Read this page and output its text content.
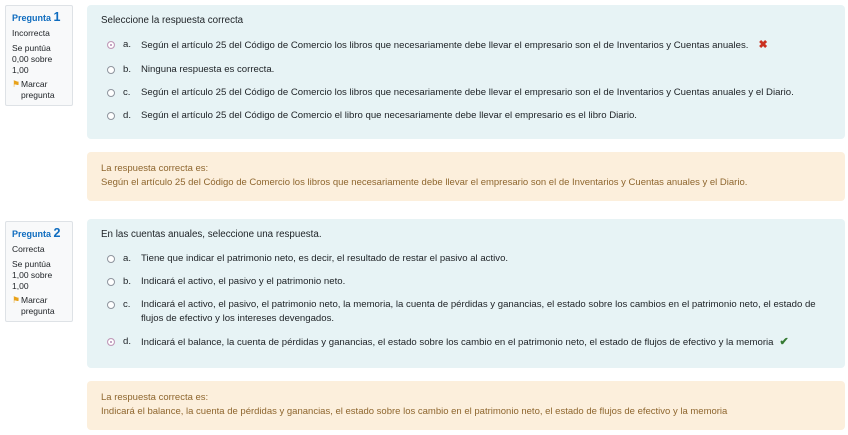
Pregunta 1
Incorrecta
Se puntúa 0,00 sobre 1,00
⚑ Marcar pregunta
Seleccione la respuesta correcta
a.	Según el artículo 25 del Código de Comercio los libros que necesariamente debe llevar el empresario son el de Inventarios y Cuentas anuales. ✖
b.	Ninguna respuesta es correcta.
c.	Según el artículo 25 del Código de Comercio los libros que necesariamente debe llevar el empresario son el de Inventarios y Cuentas anuales y el Diario.
d.	Según el artículo 25 del Código de Comercio el libro que necesariamente debe llevar el empresario es el libro Diario.
La respuesta correcta es:
Según el artículo 25 del Código de Comercio los libros que necesariamente debe llevar el empresario son el de Inventarios y Cuentas anuales y el Diario.
Pregunta 2
Correcta
Se puntúa 1,00 sobre 1,00
⚑ Marcar pregunta
En las cuentas anuales, seleccione una respuesta.
a.	Tiene que indicar el patrimonio neto, es decir, el resultado de restar el pasivo al activo.
b.	Indicará el activo, el pasivo y el patrimonio neto.
c.	Indicará el activo, el pasivo, el patrimonio neto, la memoria, la cuenta de pérdidas y ganancias, el estado sobre los cambios en el patrimonio neto, el estado de flujos de efectivo y los intereses devengados.
d.	Indicará el balance, la cuenta de pérdidas y ganancias, el estado sobre los cambio en el patrimonio neto, el estado de flujos de efectivo y la memoria ✔
La respuesta correcta es:
Indicará el balance, la cuenta de pérdidas y ganancias, el estado sobre los cambio en el patrimonio neto, el estado de flujos de efectivo y la memoria
